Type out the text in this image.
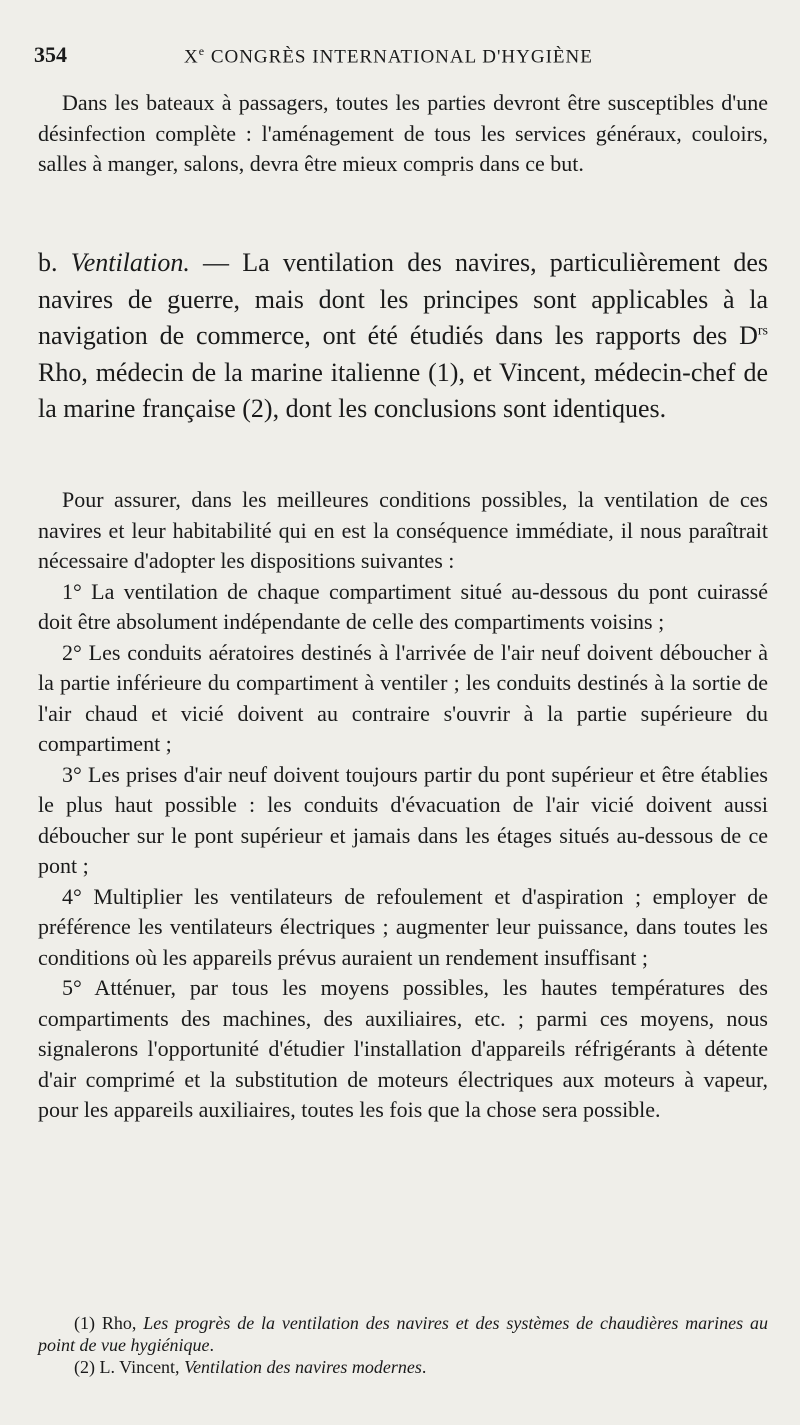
354	Xe CONGRÈS INTERNATIONAL D'HYGIÈNE

Dans les bateaux à passagers, toutes les parties devront être susceptibles d'une désinfection complète : l'aménagement de tous les services généraux, couloirs, salles à manger, salons, devra être mieux compris dans ce but.

b. Ventilation. — La ventilation des navires, particulièrement des navires de guerre, mais dont les principes sont applicables à la navigation de commerce, ont été étudiés dans les rapports des $D^{rs}$ Rho, médecin de la marine italienne (1), et Vincent, médecin-chef de la marine française (2), dont les conclusions sont identiques.

Pour assurer, dans les meilleures conditions possibles, la ventilation de ces navires et leur habitabilité qui en est la conséquence immédiate, il nous paraîtrait nécessaire d'adopter les dispositions suivantes :

1° La ventilation de chaque compartiment situé au-dessous du pont cuirassé doit être absolument indépendante de celle des compartiments voisins ;

2° Les conduits aératoires destinés à l'arrivée de l'air neuf doivent déboucher à la partie inférieure du compartiment à ventiler ; les conduits destinés à la sortie de l'air chaud et vicié doivent au contraire s'ouvrir à la partie supérieure du compartiment ;

3° Les prises d'air neuf doivent toujours partir du pont supérieur et être établies le plus haut possible : les conduits d'évacuation de l'air vicié doivent aussi déboucher sur le pont supérieur et jamais dans les étages situés au-dessous de ce pont ;

4° Multiplier les ventilateurs de refoulement et d'aspiration ; employer de préférence les ventilateurs électriques ; augmenter leur puissance, dans toutes les conditions où les appareils prévus auraient un rendement insuffisant ;

5° Atténuer, par tous les moyens possibles, les hautes températures des compartiments des machines, des auxiliaires, etc. ; parmi ces moyens, nous signalerons l'opportunité d'étudier l'installation d'appareils réfrigérants à détente d'air comprimé et la substitution de moteurs électriques aux moteurs à vapeur, pour les appareils auxiliaires, toutes les fois que la chose sera possible.

(1) Rho, Les progrès de la ventilation des navires et des systèmes de chaudières marines au point de vue hygiénique.

(2) L. Vincent, Ventilation des navires modernes.
